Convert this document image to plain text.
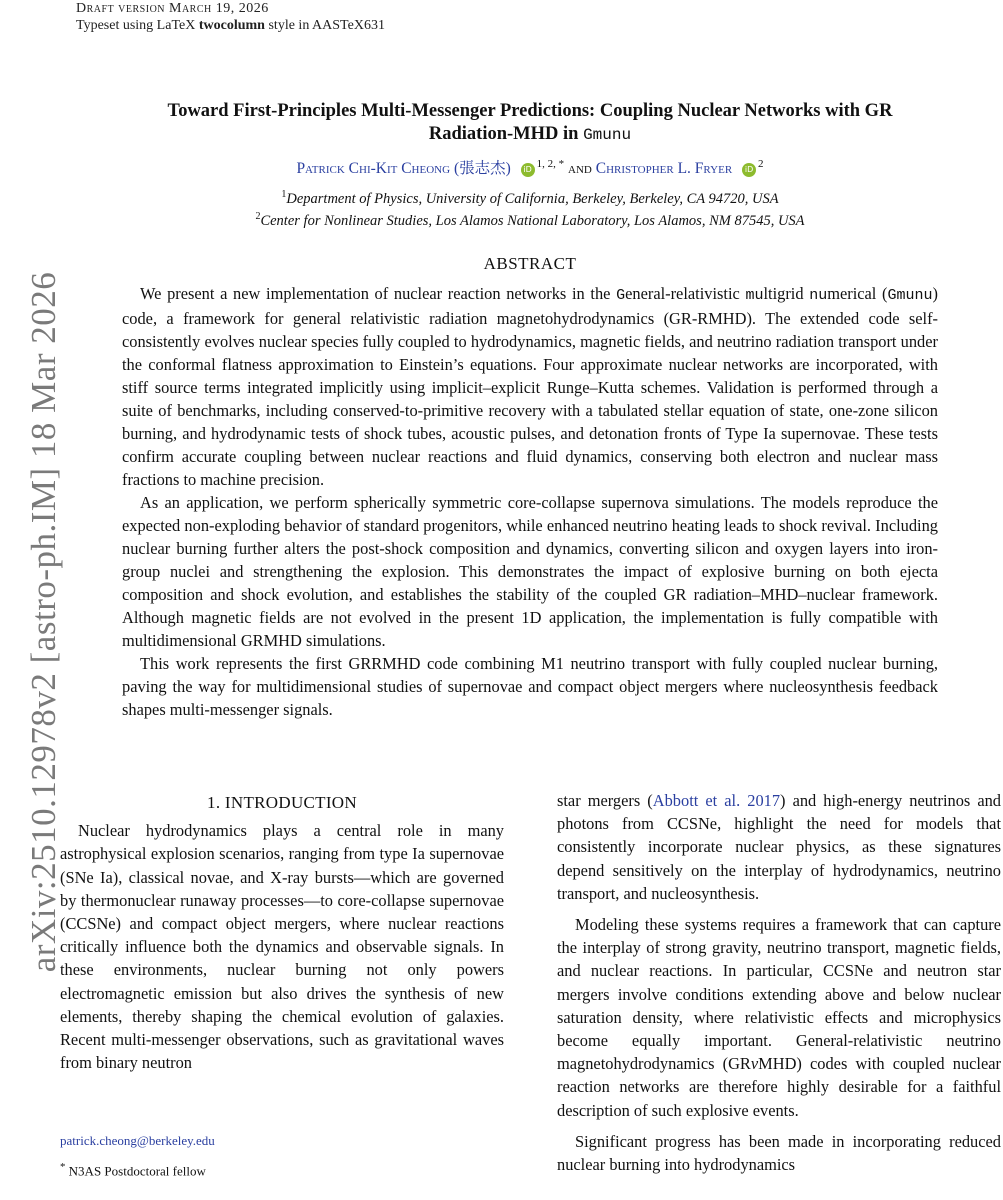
Draft version March 19, 2026
Typeset using LaTeX twocolumn style in AASTeX631
arXiv:2510.12978v2 [astro-ph.IM] 18 Mar 2026
Toward First-Principles Multi-Messenger Predictions: Coupling Nuclear Networks with GR
Radiation-MHD in Gmunu
Patrick Chi-Kit Cheong (張志杰) iD $^{1, 2, *}$ and Christopher L. Fryer iD $^2$
$^1$Department of Physics, University of California, Berkeley, Berkeley, CA 94720, USA
$^2$Center for Nonlinear Studies, Los Alamos National Laboratory, Los Alamos, NM 87545, USA
ABSTRACT

We present a new implementation of nuclear reaction networks in the General-relativistic multigrid numerical (Gmunu) code, a framework for general relativistic radiation magnetohydrodynamics (GR-RMHD). The extended code self-consistently evolves nuclear species fully coupled to hydrodynamics, magnetic fields, and neutrino radiation transport under the conformal flatness approximation to Einstein’s equations. Four approximate nuclear networks are incorporated, with stiff source terms integrated implicitly using implicit–explicit Runge–Kutta schemes. Validation is performed through a suite of benchmarks, including conserved-to-primitive recovery with a tabulated stellar equation of state, one-zone silicon burning, and hydrodynamic tests of shock tubes, acoustic pulses, and detonation fronts of Type Ia supernovae. These tests confirm accurate coupling between nuclear reactions and fluid dynamics, conserving both electron and nuclear mass fractions to machine precision.

As an application, we perform spherically symmetric core-collapse supernova simulations. The models reproduce the expected non-exploding behavior of standard progenitors, while enhanced neutrino heating leads to shock revival. Including nuclear burning further alters the post-shock composition and dynamics, converting silicon and oxygen layers into iron-group nuclei and strengthening the explosion. This demonstrates the impact of explosive burning on both ejecta composition and shock evolution, and establishes the stability of the coupled GR radiation–MHD–nuclear framework. Although magnetic fields are not evolved in the present 1D application, the implementation is fully compatible with multidimensional GRMHD simulations.

This work represents the first GRRMHD code combining M1 neutrino transport with fully coupled nuclear burning, paving the way for multidimensional studies of supernovae and compact object mergers where nucleosynthesis feedback shapes multi-messenger signals.

1. INTRODUCTION

Nuclear hydrodynamics plays a central role in many astrophysical explosion scenarios, ranging from type Ia supernovae (SNe Ia), classical novae, and X-ray bursts—which are governed by thermonuclear runaway processes—to core-collapse supernovae (CCSNe) and compact object mergers, where nuclear reactions critically influence both the dynamics and observable signals. In these environments, nuclear burning not only powers electromagnetic emission but also drives the synthesis of new elements, thereby shaping the chemical evolution of galaxies. Recent multi-messenger observations, such as gravitational waves from binary neutron

star mergers (Abbott et al. 2017) and high-energy neutrinos and photons from CCSNe, highlight the need for models that consistently incorporate nuclear physics, as these signatures depend sensitively on the interplay of hydrodynamics, neutrino transport, and nucleosynthesis.

Modeling these systems requires a framework that can capture the interplay of strong gravity, neutrino transport, magnetic fields, and nuclear reactions. In particular, CCSNe and neutron star mergers involve conditions extending above and below nuclear saturation density, where relativistic effects and microphysics become equally important. General-relativistic neutrino magnetohydrodynamics (GRνMHD) codes with coupled nuclear reaction networks are therefore highly desirable for a faithful description of such explosive events.

Significant progress has been made in incorporating reduced nuclear burning into hydrodynamics

patrick.cheong@berkeley.edu
* N3AS Postdoctoral fellow
